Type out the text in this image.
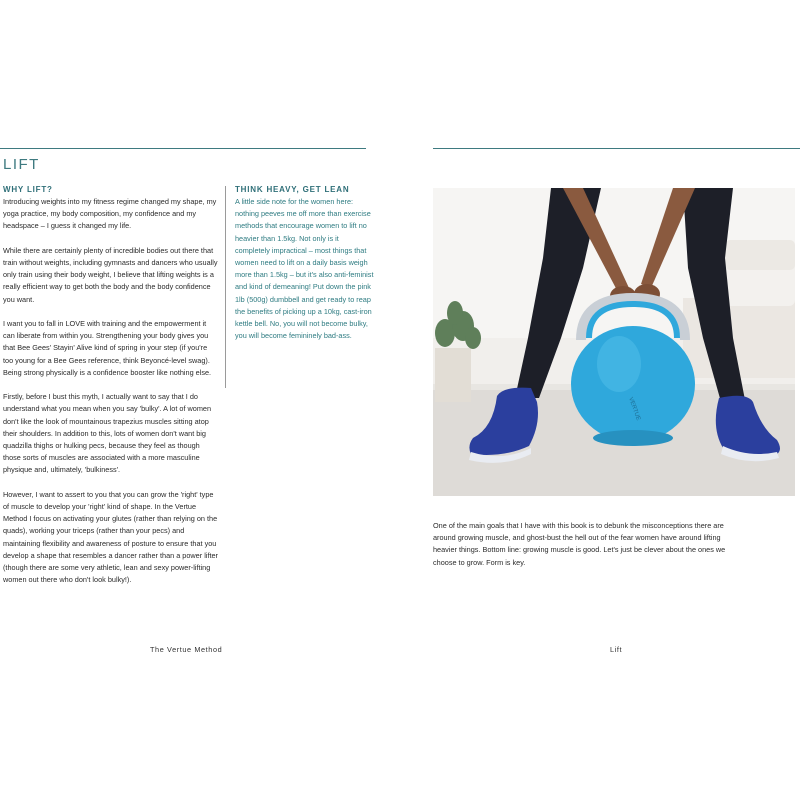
LIFT
WHY LIFT?

Introducing weights into my fitness regime changed my shape, my yoga practice, my body composition, my confidence and my headspace – I guess it changed my life.

While there are certainly plenty of incredible bodies out there that train without weights, including gymnasts and dancers who usually only train using their body weight, I believe that lifting weights is a really efficient way to get both the body and the body confidence you want.

I want you to fall in LOVE with training and the empowerment it can liberate from within you. Strengthening your body gives you that Bee Gees' Stayin' Alive kind of spring in your step (if you're too young for a Bee Gees reference, think Beyoncé-level swag). Being strong physically is a confidence booster like nothing else.

Firstly, before I bust this myth, I actually want to say that I do understand what you mean when you say 'bulky'. A lot of women don't like the look of mountainous trapezius muscles sitting atop their shoulders. In addition to this, lots of women don't want big quadzilla thighs or hulking pecs, because they feel as though those sorts of muscles are associated with a more masculine physique and, ultimately, 'bulkiness'.

However, I want to assert to you that you can grow the 'right' type of muscle to develop your 'right' kind of shape. In the Vertue Method I focus on activating your glutes (rather than relying on the quads), working your triceps (rather than your pecs) and maintaining flexibility and awareness of posture to ensure that you develop a shape that resembles a dancer rather than a power lifter (though there are some very athletic, lean and sexy power-lifting women out there who don't look bulky!).

THINK HEAVY, GET LEAN

A little side note for the women here: nothing peeves me off more than exercise methods that encourage women to lift no heavier than 1.5kg. Not only is it completely impractical – most things that women need to lift on a daily basis weigh more than 1.5kg – but it's also anti-feminist and kind of demeaning! Put down the pink 1lb (500g) dumbbell and get ready to reap the benefits of picking up a 10kg, cast-iron kettle bell. No, you will not become bulky, you will become femininely bad-ass.

The Vertue Method
VERTUE
One of the main goals that I have with this book is to debunk the misconceptions there are around growing muscle, and ghost-bust the hell out of the fear women have around lifting heavier things. Bottom line: growing muscle is good. Let's just be clever about the ones we choose to grow. Form is key.
Lift
